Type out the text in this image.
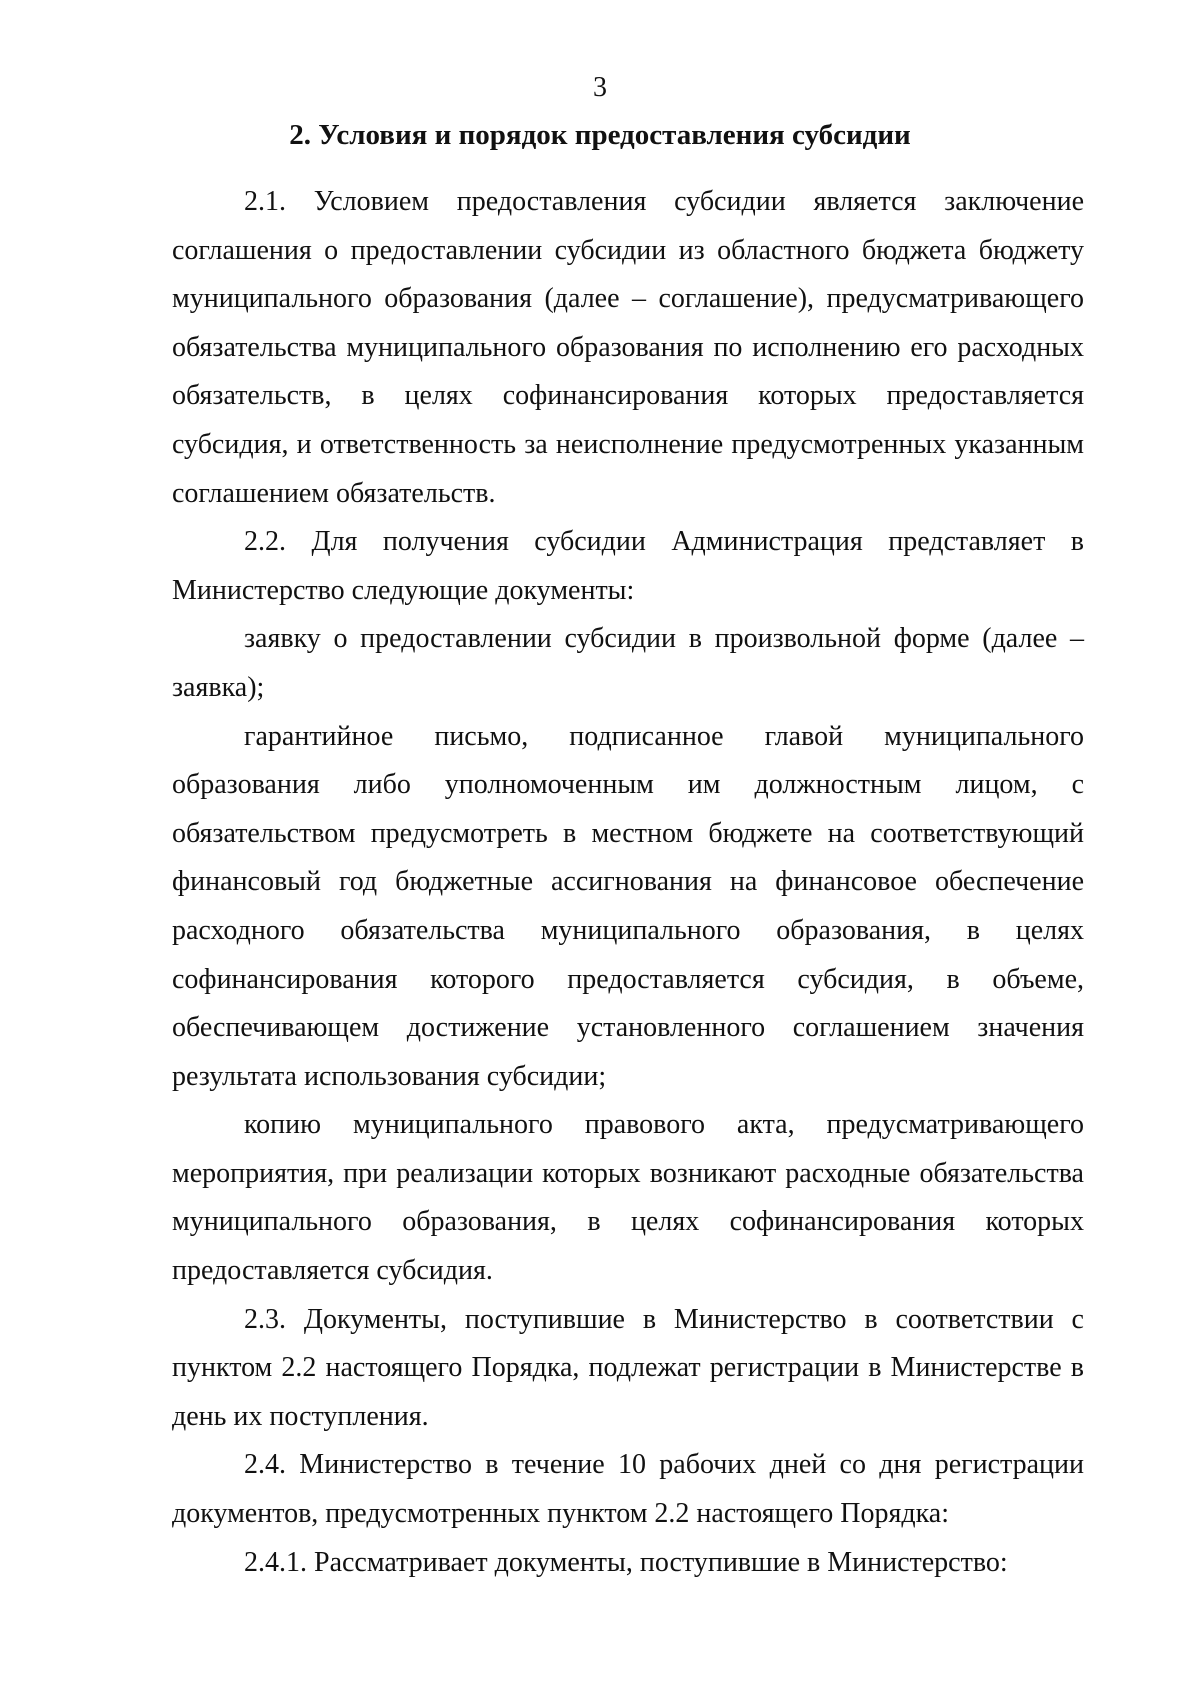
3
2. Условия и порядок предоставления субсидии

2.1. Условием предоставления субсидии является заключение соглашения о предоставлении субсидии из областного бюджета бюджету муниципального образования (далее – соглашение), предусматривающего обязательства муниципального образования по исполнению его расходных обязательств, в целях софинансирования которых предоставляется субсидия, и ответственность за неисполнение предусмотренных указанным соглашением обязательств.

2.2. Для получения субсидии Администрация представляет в Министерство следующие документы:

заявку о предоставлении субсидии в произвольной форме (далее – заявка);

гарантийное письмо, подписанное главой муниципального образования либо уполномоченным им должностным лицом, с обязательством предусмотреть в местном бюджете на соответствующий финансовый год бюджетные ассигнования на финансовое обеспечение расходного обязательства муниципального образования, в целях софинансирования которого предоставляется субсидия, в объеме, обеспечивающем достижение установленного соглашением значения результата использования субсидии;

копию муниципального правового акта, предусматривающего мероприятия, при реализации которых возникают расходные обязательства муниципального образования, в целях софинансирования которых предоставляется субсидия.

2.3. Документы, поступившие в Министерство в соответствии с пунктом 2.2 настоящего Порядка, подлежат регистрации в Министерстве в день их поступления.

2.4. Министерство в течение 10 рабочих дней со дня регистрации документов, предусмотренных пунктом 2.2 настоящего Порядка:

2.4.1. Рассматривает документы, поступившие в Министерство:
